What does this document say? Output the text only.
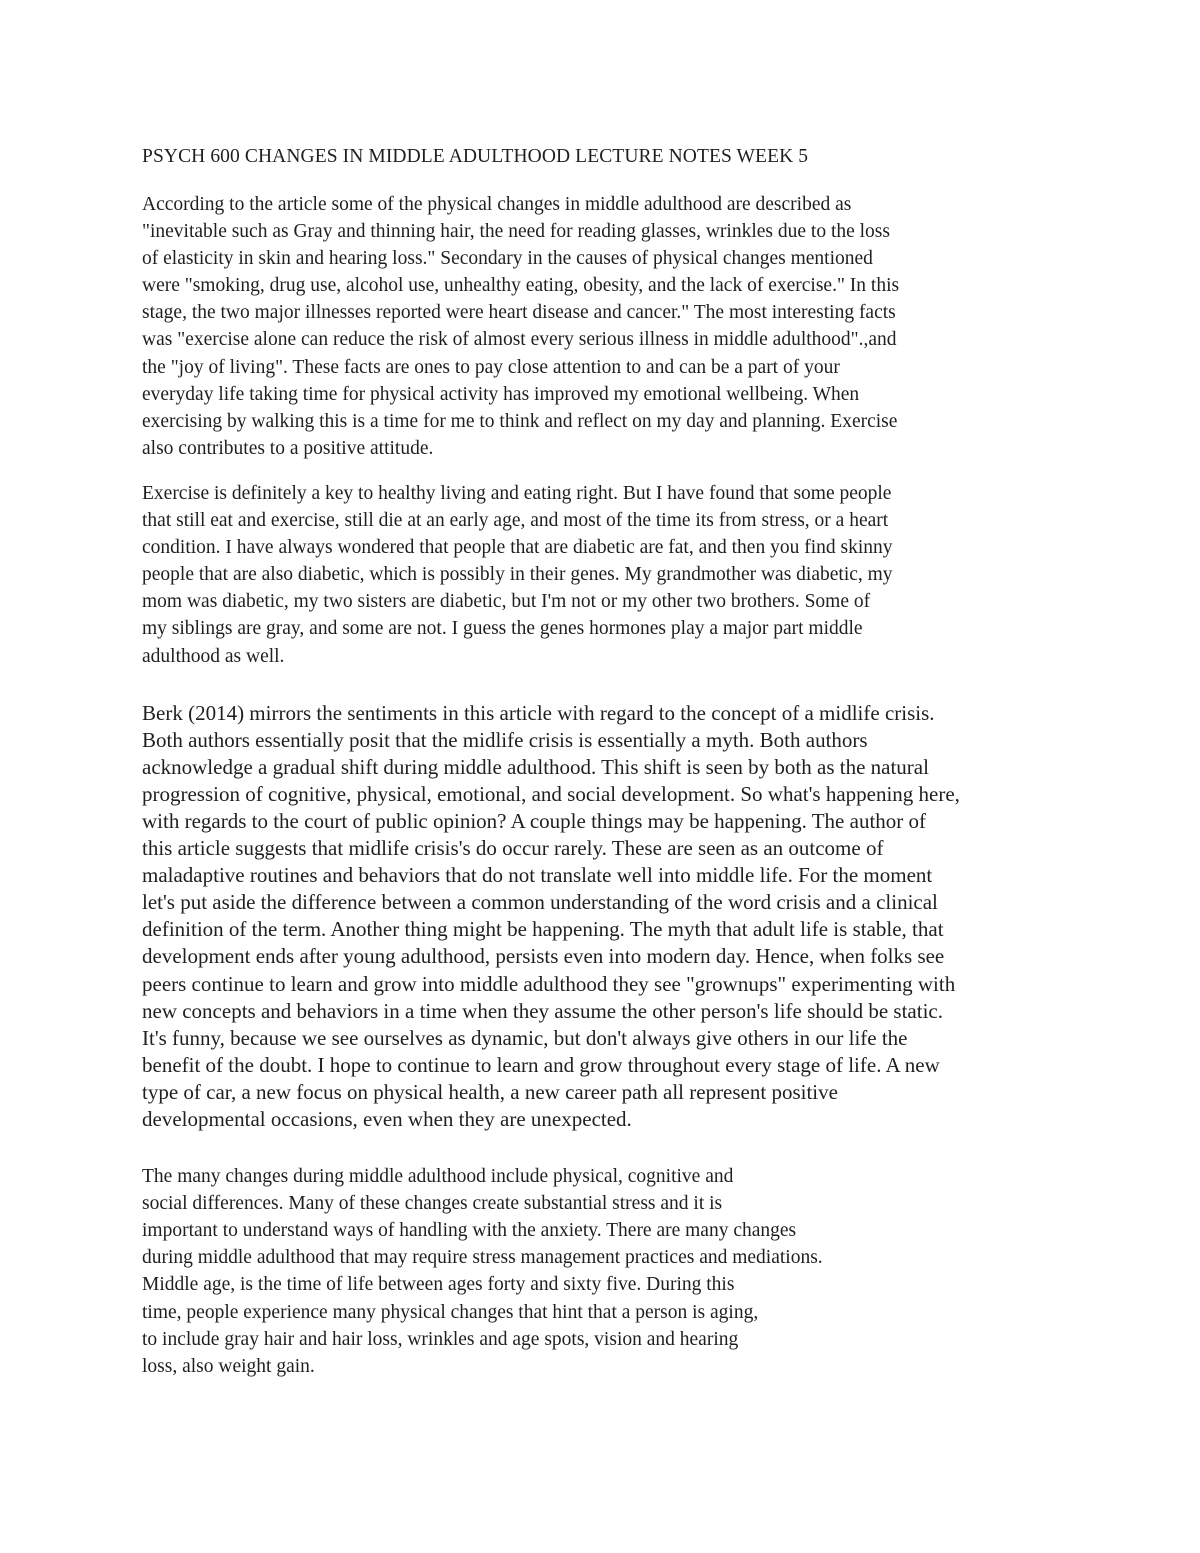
PSYCH 600 CHANGES IN MIDDLE ADULTHOOD LECTURE NOTES WEEK 5
According to the article some of the physical changes in middle adulthood are described as
"inevitable such as Gray and thinning hair, the need for reading glasses, wrinkles due to the loss
of elasticity in skin and hearing loss." Secondary in the causes of physical changes mentioned
were "smoking, drug use, alcohol use, unhealthy eating, obesity, and the lack of exercise." In this
stage, the two major illnesses reported were heart disease and cancer." The most interesting facts
was "exercise alone can reduce the risk of almost every serious illness in middle adulthood".,and
the "joy of living". These facts are ones to pay close attention to and can be a part of your
everyday life taking time for physical activity has improved my emotional wellbeing. When
exercising by walking this is a time for me to think and reflect on my day and planning. Exercise
also contributes to a positive attitude.
Exercise is definitely a key to healthy living and eating right. But I have found that some people
that still eat and exercise, still die at an early age, and most of the time its from stress, or a heart
condition. I have always wondered that people that are diabetic are fat, and then you find skinny
people that are also diabetic, which is possibly in their genes. My grandmother was diabetic, my
mom was diabetic, my two sisters are diabetic, but I'm not or my other two brothers. Some of
my siblings are gray, and some are not. I guess the genes hormones play a major part middle
adulthood as well.
Berk (2014) mirrors the sentiments in this article with regard to the concept of a midlife crisis.
Both authors essentially posit that the midlife crisis is essentially a myth. Both authors
acknowledge a gradual shift during middle adulthood. This shift is seen by both as the natural
progression of cognitive, physical, emotional, and social development. So what's happening here,
with regards to the court of public opinion? A couple things may be happening. The author of
this article suggests that midlife crisis's do occur rarely. These are seen as an outcome of
maladaptive routines and behaviors that do not translate well into middle life. For the moment
let's put aside the difference between a common understanding of the word crisis and a clinical
definition of the term. Another thing might be happening. The myth that adult life is stable, that
development ends after young adulthood, persists even into modern day. Hence, when folks see
peers continue to learn and grow into middle adulthood they see "grownups" experimenting with
new concepts and behaviors in a time when they assume the other person's life should be static.
It's funny, because we see ourselves as dynamic, but don't always give others in our life the
benefit of the doubt. I hope to continue to learn and grow throughout every stage of life. A new
type of car, a new focus on physical health, a new career path all represent positive
developmental occasions, even when they are unexpected.
The many changes during middle adulthood include physical, cognitive and
social differences. Many of these changes create substantial stress and it is
important to understand ways of handling with the anxiety. There are many changes
during middle adulthood that may require stress management practices and mediations.
Middle age, is the time of life between ages forty and sixty five. During this
time, people experience many physical changes that hint that a person is aging,
to include gray hair and hair loss, wrinkles and age spots, vision and hearing
loss, also weight gain.
